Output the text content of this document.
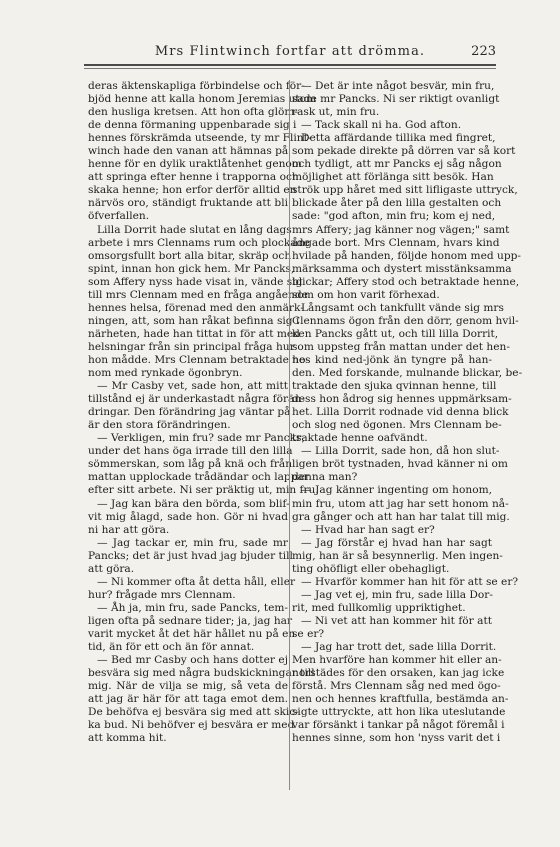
Mrs Flintwinch fortfar att drömma.	223
deras äktenskapliga förbindelse och för-
bjöd henne att kalla honom Jeremias utom
den husliga kretsen. Att hon ofta glöm-
de denna förmaning uppenbarade sig i
hennes förskrämda utseende, ty mr Flint-
winch hade den vanan att hämnas på
henne för en dylik uraktlåtenhet genom
att springa efter henne i trapporna och
skaka henne; hon erfor derför alltid en
närvös oro, ständigt fruktande att bli
öfverfallen.
Lilla Dorrit hade slutat en lång dags
arbete i mrs Clennams rum och plockade
omsorgsfullt bort alla bitar, skräp och
spint, innan hon gick hem. Mr Pancks,
som Affery nyss hade visat in, vände sig
till mrs Clennam med en fråga angående
hennes helsa, förenad med den anmärk-
ningen, att, som han råkat befinna sig i
närheten, hade han tittat in för att med
helsningar från sin principal fråga hur
hon mådde. Mrs Clennam betraktade ho-
nom med rynkade ögonbryn.
— Mr Casby vet, sade hon, att mitt
tillstånd ej är underkastadt några förän-
dringar. Den förändring jag väntar på
är den stora förändringen.
— Verkligen, min fru? sade mr Pancks,
under det hans öga irrade till den lilla
sömmerskan, som låg på knä och från
mattan upplockade trådändar och lappar
efter sitt arbete. Ni ser präktig ut, min fru.
— Jag kan bära den börda, som blif-
vit mig ålagd, sade hon. Gör ni hvad
ni har att göra.
— Jag tackar er, min fru, sade mr
Pancks; det är just hvad jag bjuder till
att göra.
— Ni kommer ofta åt detta håll, eller
hur? frågade mrs Clennam.
— Åh ja, min fru, sade Pancks, tem-
ligen ofta på sednare tider; ja, jag har
varit mycket åt det här hållet nu på en
tid, än för ett och än för annat.
— Bed mr Casby och hans dotter ej
besvära sig med några budskickningar till
mig. När de vilja se mig, så veta de
att jag är här för att taga emot dem.
De behöfva ej besvära sig med att skic-
ka bud. Ni behöfver ej besvära er med
att komma hit.
— Det är inte något besvär, min fru,
sade mr Pancks. Ni ser riktigt ovanligt
rask ut, min fru.
— Tack skall ni ha. God afton.
Detta affärdande tillika med fingret,
som pekade direkte på dörren var så kort
och tydligt, att mr Pancks ej såg någon
möjlighet att förlänga sitt besök. Han
strök upp håret med sitt lifligaste uttryck,
blickade åter på den lilla gestalten och
sade: "god afton, min fru; kom ej ned,
mrs Affery; jag känner nog vägen;" samt
ångade bort. Mrs Clennam, hvars kind
hvilade på handen, följde honom med upp-
märksamma och dystert misstänksamma
blickar; Affery stod och betraktade henne,
som om hon varit förhexad.
Långsamt och tankfullt vände sig mrs
Clennams ögon från den dörr, genom hvil-
ken Pancks gått ut, och till lilla Dorrit,
som uppsteg från mattan under det hen-
nes kind ned-jönk än tyngre på han-
den. Med forskande, mulnande blickar, be-
traktade den sjuka qvinnan henne, till
dess hon ådrog sig hennes uppmärksam-
het. Lilla Dorrit rodnade vid denna blick
och slog ned ögonen. Mrs Clennam be-
traktade henne oafvändt.
— Lilla Dorrit, sade hon, då hon slut-
ligen bröt tystnaden, hvad känner ni om
denna man?
— Jag känner ingenting om honom,
min fru, utom att jag har sett honom nå-
gra gånger och att han har talat till mig.
— Hvad har han sagt er?
— Jag förstår ej hvad han har sagt
mig, han är så besynnerlig. Men ingen-
ting ohöfligt eller obehagligt.
— Hvarför kommer han hit för att se er?
— Jag vet ej, min fru, sade lilla Dor-
rit, med fullkomlig uppriktighet.
— Ni vet att han kommer hit för att
se er?
— Jag har trott det, sade lilla Dorrit.
Men hvarföre han kommer hit eller an-
norstädes för den orsaken, kan jag icke
förstå. Mrs Clennam såg ned med ögo-
nen och hennes kraftfulla, bestämda an-
sigte uttryckte, att hon lika uteslutande
var försänkt i tankar på något föremål i
hennes sinne, som hon 'nyss varit det i
